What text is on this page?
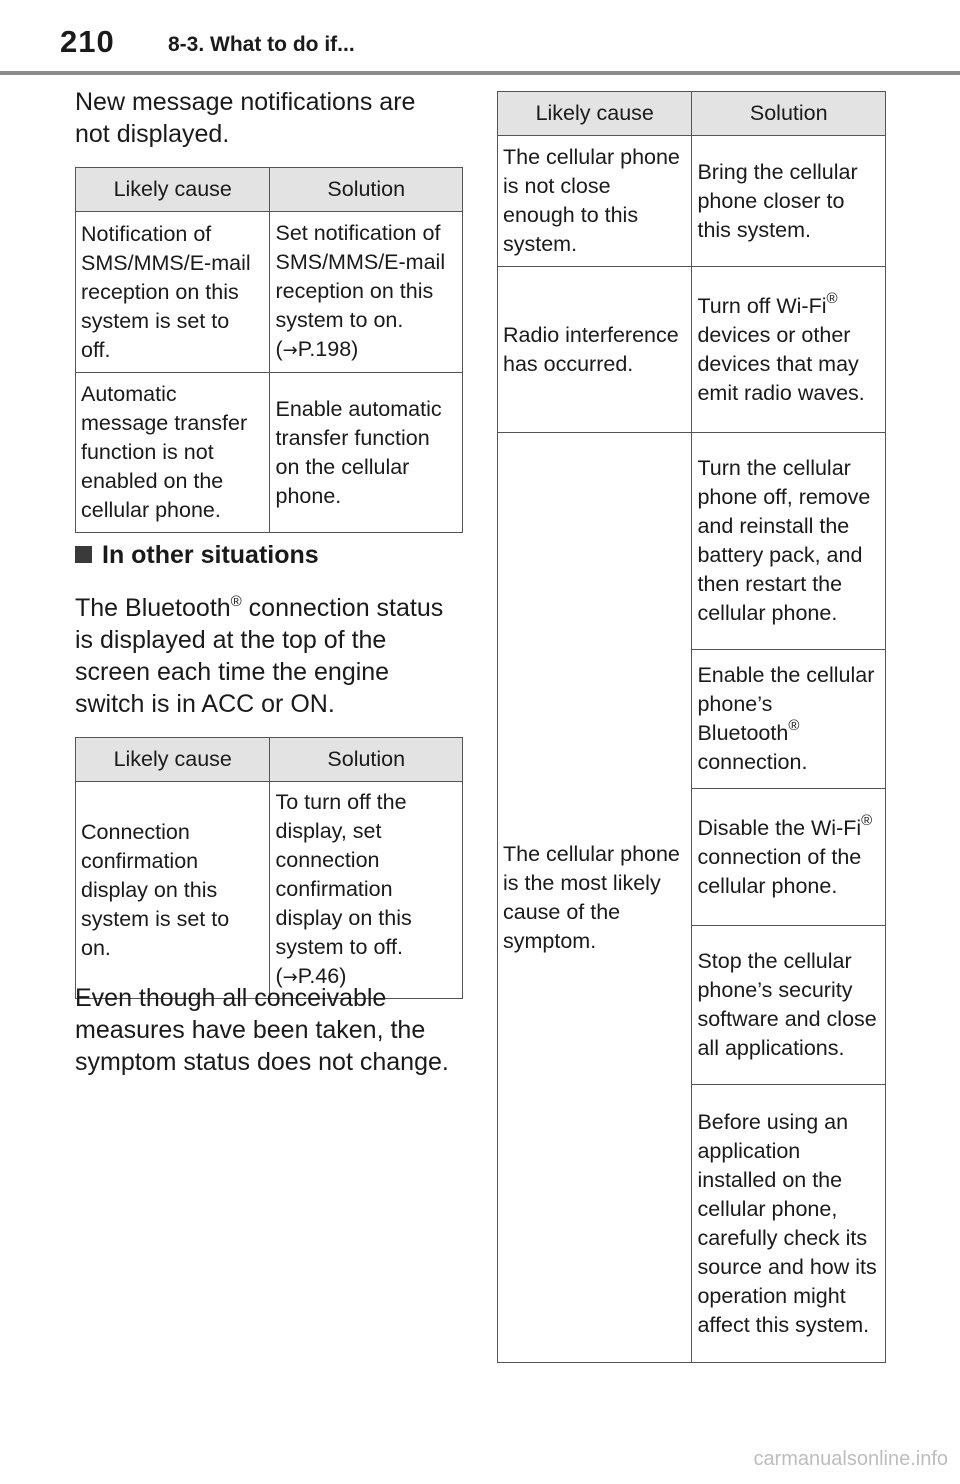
210	8-3. What to do if...

New message notifications are not displayed.

Likely cause	Solution
Notification of SMS/MMS/E-mail reception on this system is set to off.	Set notification of SMS/MMS/E-mail reception on this system to on. (→P.198)
Automatic message transfer function is not enabled on the cellular phone.	Enable automatic transfer function on the cellular phone.
In other situations

The Bluetooth® connection status is displayed at the top of the screen each time the engine switch is in ACC or ON.

Likely cause	Solution
Connection confirmation display on this system is set to on.	To turn off the display, set connection confirmation display on this system to off. (→P.46)

Even though all conceivable measures have been taken, the symptom status does not change.

Likely cause	Solution
The cellular phone is not close enough to this system.	Bring the cellular phone closer to this system.
Radio interference has occurred.	Turn off Wi-Fi® devices or other devices that may emit radio waves.
The cellular phone is the most likely cause of the symptom.	Turn the cellular phone off, remove and reinstall the battery pack, and then restart the cellular phone.
	Enable the cellular phone’s Bluetooth® connection.
	Disable the Wi-Fi® connection of the cellular phone.
	Stop the cellular phone’s security software and close all applications.
	Before using an application installed on the cellular phone, carefully check its source and how its operation might affect this system.
carmanualsonline.info
